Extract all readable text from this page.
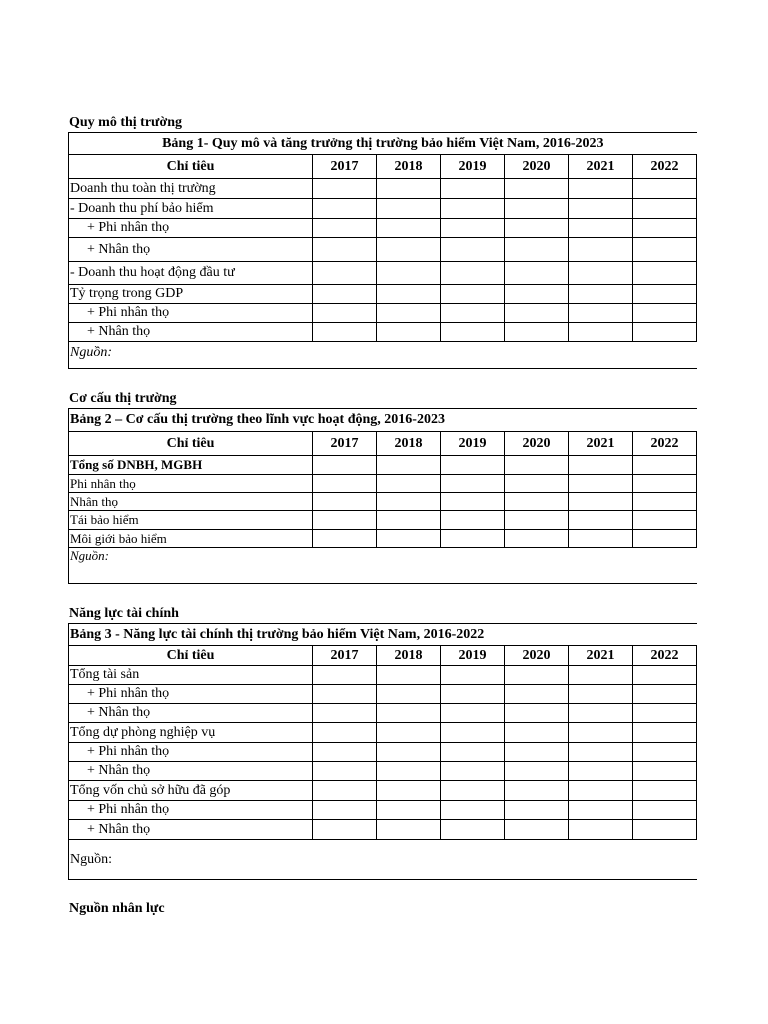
Quy mô thị trường
Bảng 1- Quy mô và tăng trưởng thị trường bảo hiểm Việt Nam, 2016-2023						
Chỉ tiêu	2017	2018	2019	2020	2021	2022
Doanh thu toàn thị trường						
- Doanh thu phí bảo hiểm						
+ Phi nhân thọ						
+ Nhân thọ						
- Doanh thu hoạt động đầu tư						
Tỷ trọng trong GDP						
+ Phi nhân thọ						
+ Nhân thọ						
Nguồn:						
Cơ cấu thị trường
Bảng 2 – Cơ cấu thị trường theo lĩnh vực hoạt động, 2016-2023						
Chỉ tiêu	2017	2018	2019	2020	2021	2022
Tổng số DNBH, MGBH						
Phi nhân thọ						
Nhân thọ						
Tái bảo hiểm						
Môi giới bảo hiểm						
Nguồn:						
Năng lực tài chính
Bảng 3 - Năng lực tài chính thị trường bảo hiểm Việt Nam, 2016-2022						
Chỉ tiêu	2017	2018	2019	2020	2021	2022
Tổng tài sản						
+ Phi nhân thọ						
+ Nhân thọ						
Tổng dự phòng nghiệp vụ						
+ Phi nhân thọ						
+ Nhân thọ						
Tổng vốn chủ sở hữu đã góp						
+ Phi nhân thọ						
+ Nhân thọ						
Nguồn:						
Nguồn nhân lực
